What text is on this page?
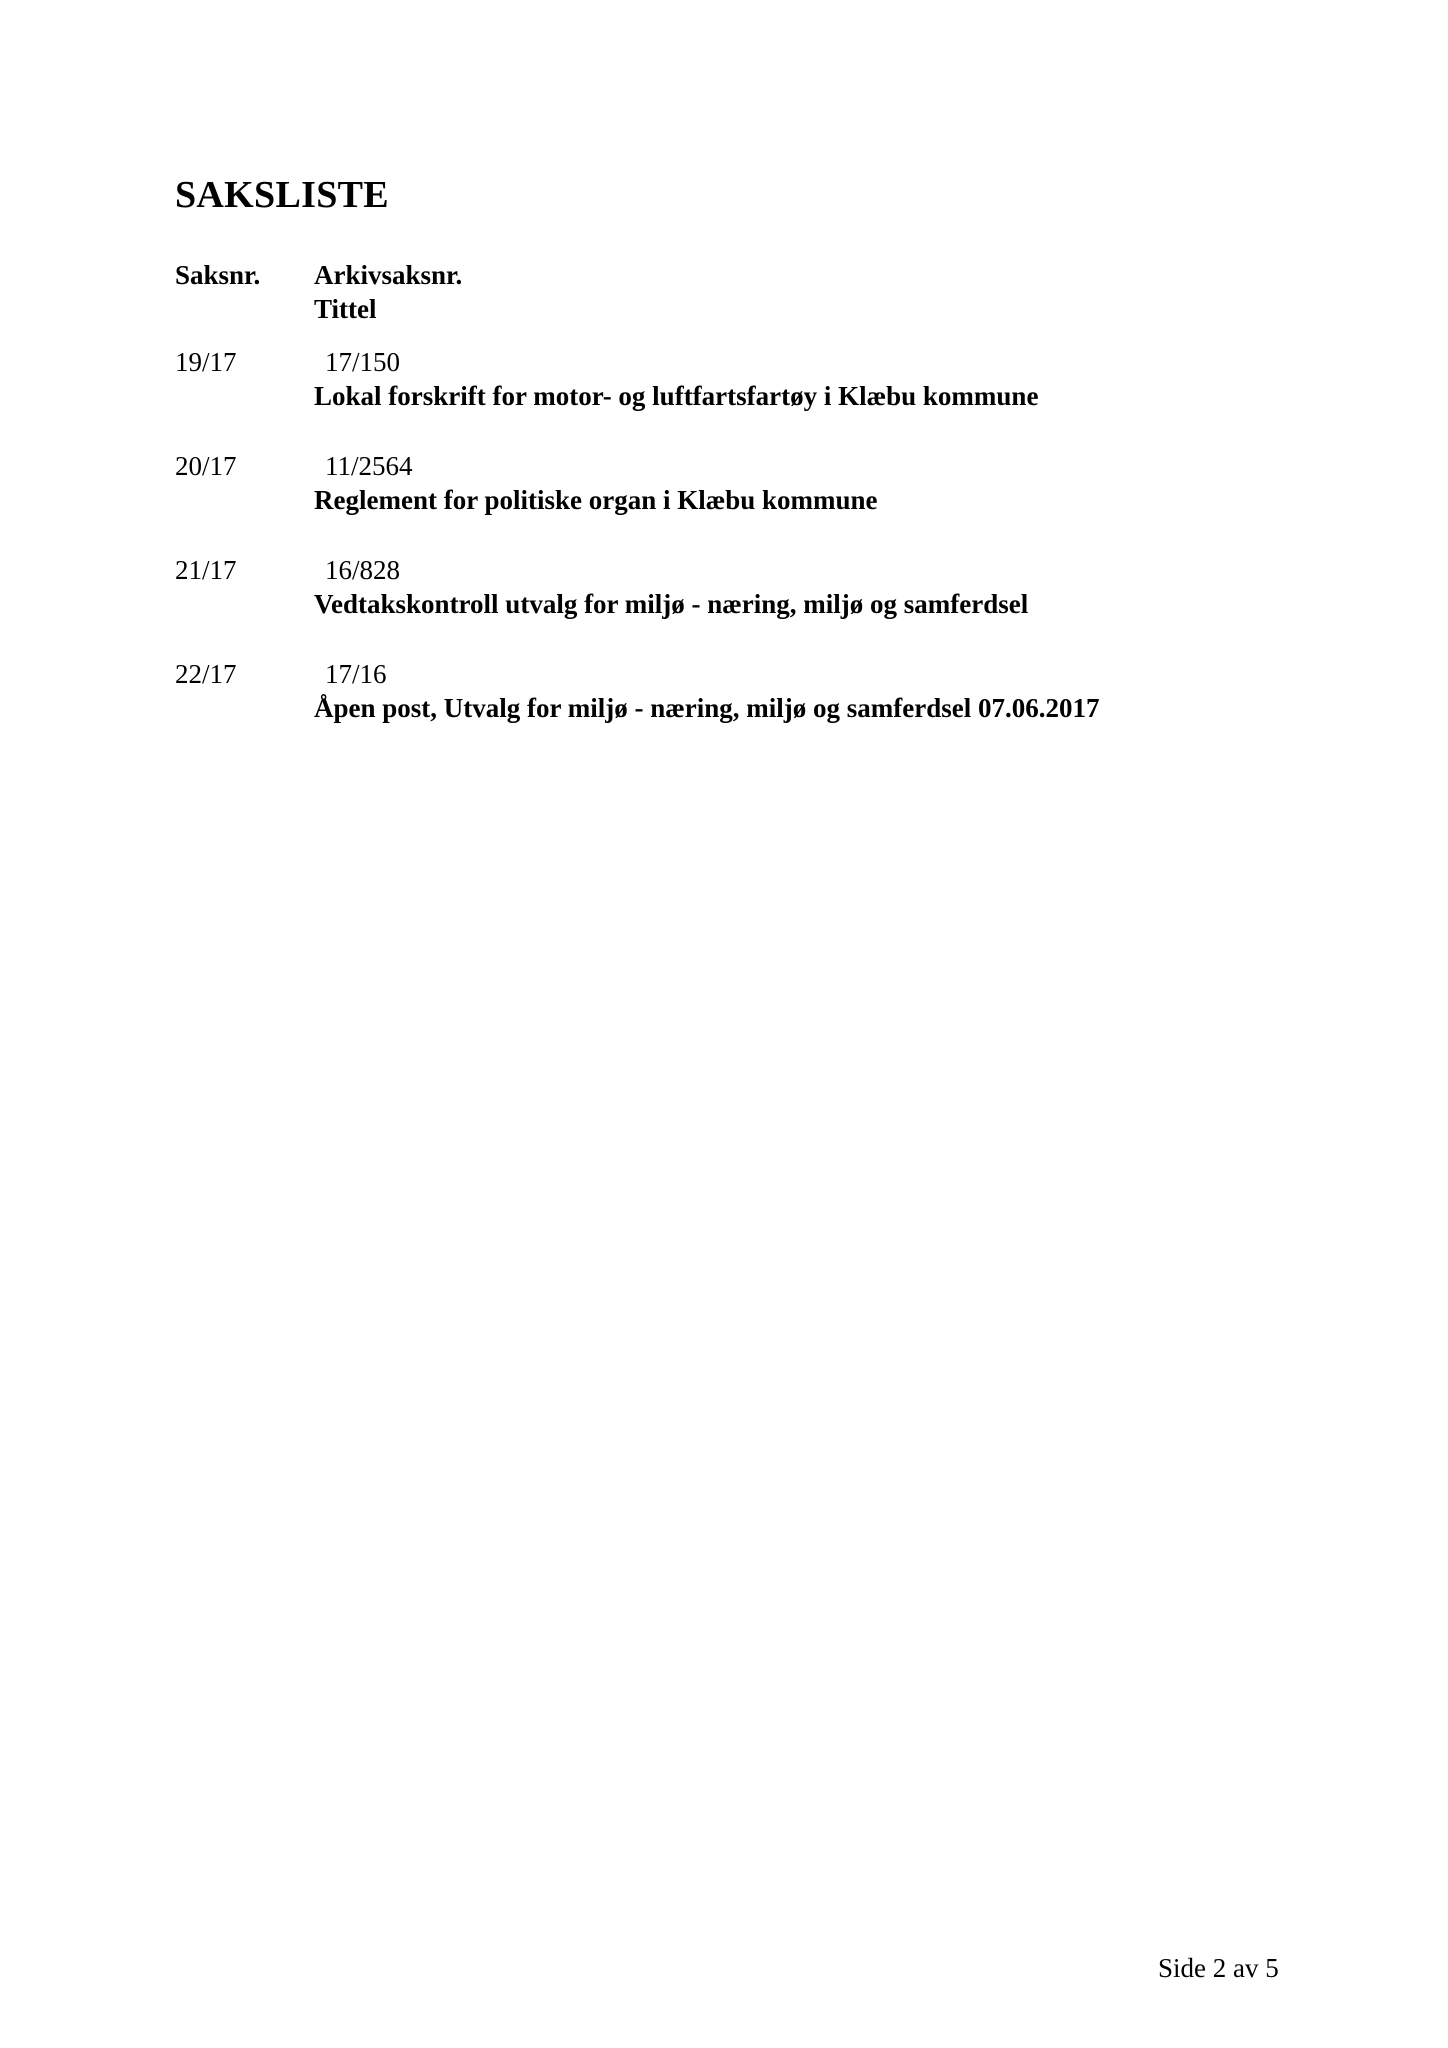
SAKSLISTE
Saksnr. Arkivsaksnr.
Tittel
19/17	17/150
Lokal forskrift for motor- og luftfartsfartøy i Klæbu kommune
20/17	11/2564
Reglement for politiske organ i Klæbu kommune
21/17	16/828
Vedtakskontroll utvalg for miljø - næring, miljø og samferdsel
22/17	17/16
Åpen post, Utvalg for miljø - næring, miljø og samferdsel 07.06.2017
Side 2 av 5
